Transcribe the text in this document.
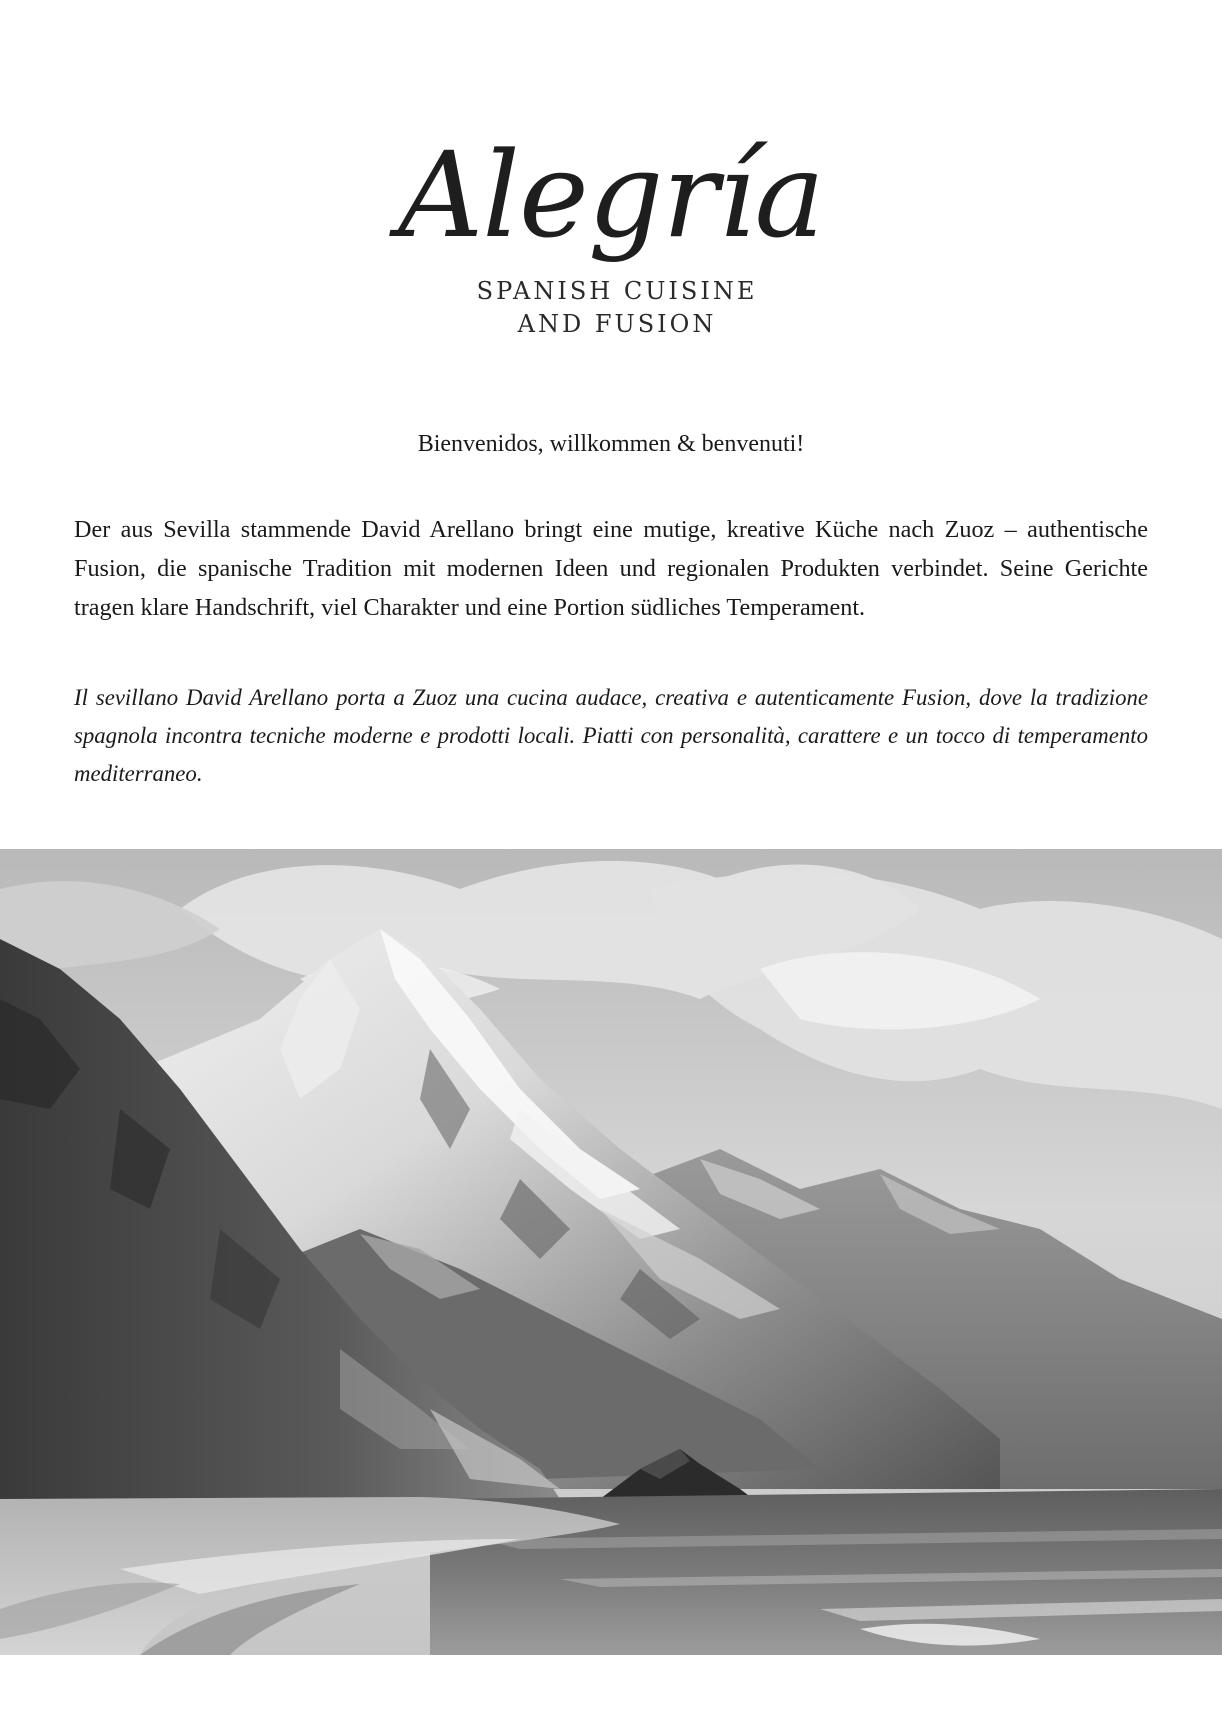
Alegría
SPANISH CUISINE
AND FUSION
Bienvenidos, willkommen & benvenuti!

Der aus Sevilla stammende David Arellano bringt eine mutige, kreative Küche nach Zuoz – authentische Fusion, die spanische Tradition mit modernen Ideen und regionalen Produkten verbindet. Seine Gerichte tragen klare Handschrift, viel Charakter und eine Portion südliches Temperament.

Il sevillano David Arellano porta a Zuoz una cucina audace, creativa e autenticamente Fusion, dove la tradizione spagnola incontra tecniche moderne e prodotti locali. Piatti con personalità, carattere e un tocco di temperamento mediterraneo.
